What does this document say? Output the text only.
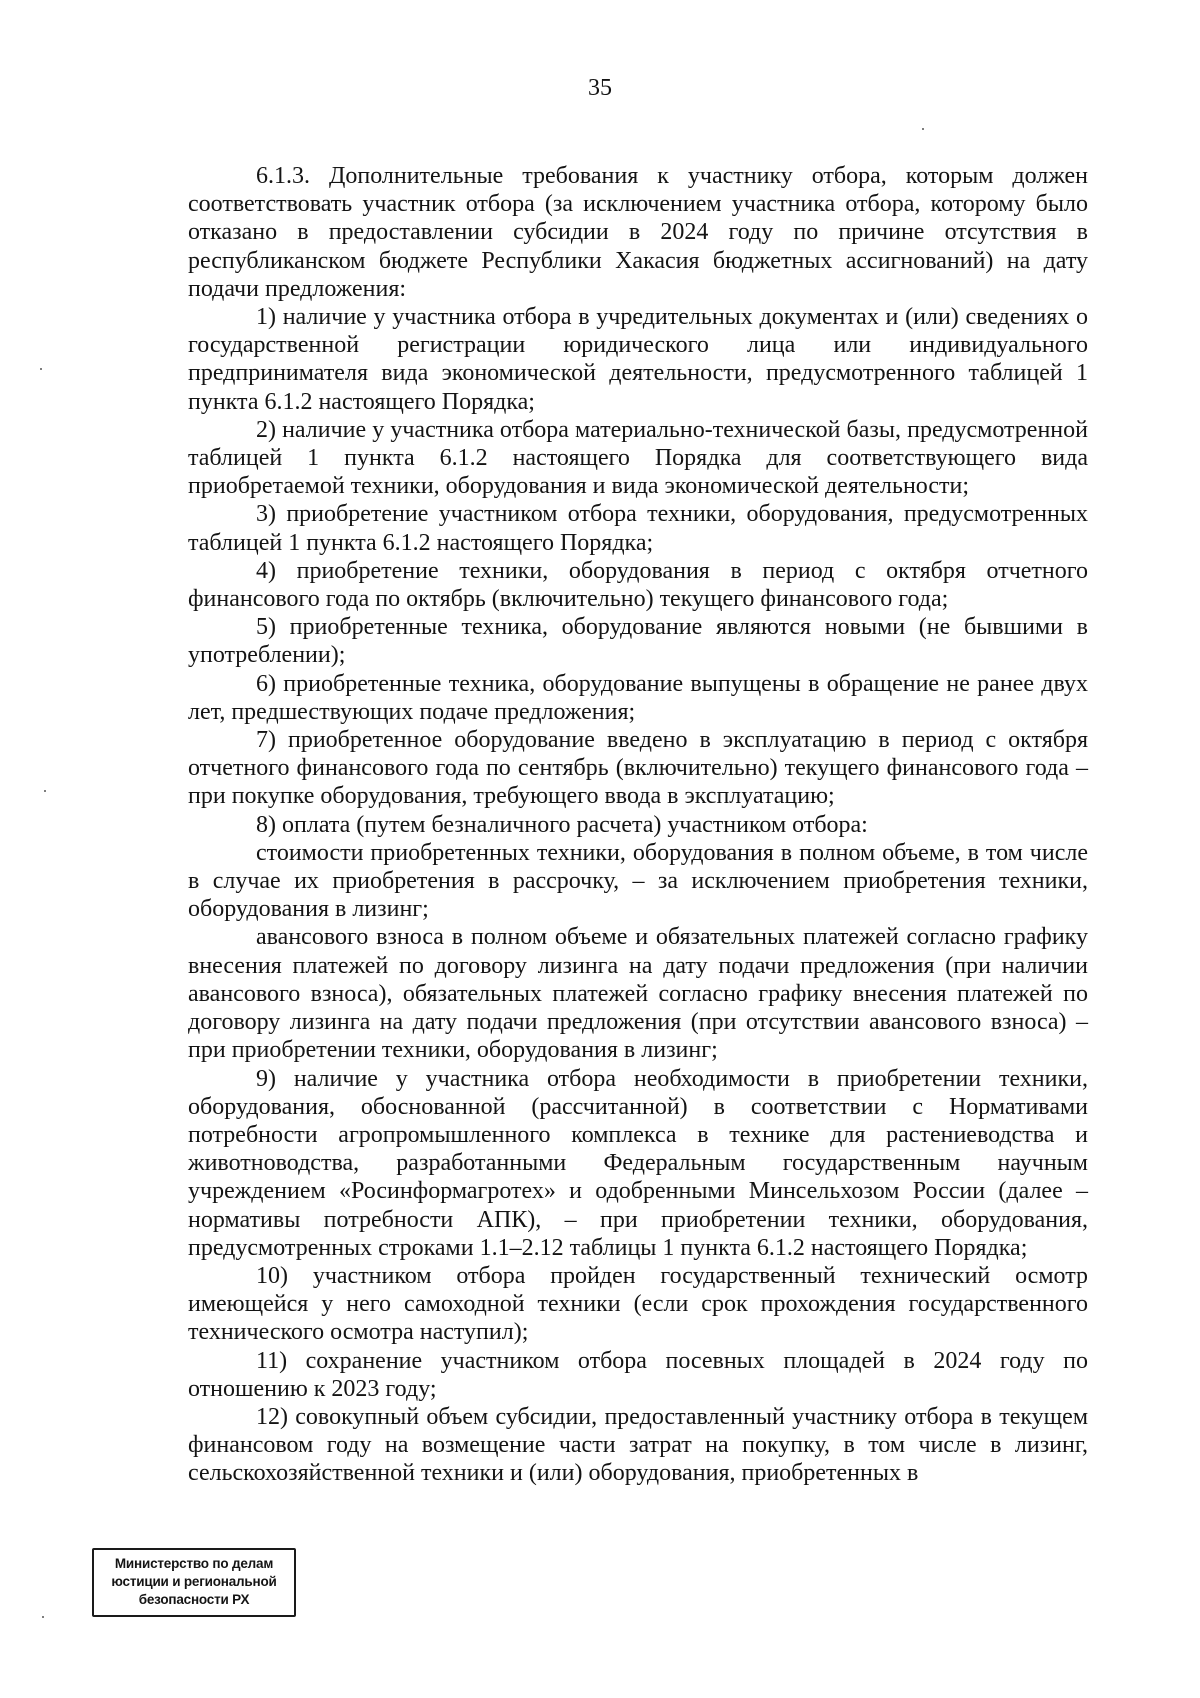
35

6.1.3. Дополнительные требования к участнику отбора, которым должен соответствовать участник отбора (за исключением участника отбора, которому было отказано в предоставлении субсидии в 2024 году по причине отсутствия в республиканском бюджете Республики Хакасия бюджетных ассигнований) на дату подачи предложения:

1) наличие у участника отбора в учредительных документах и (или) сведениях о государственной регистрации юридического лица или индивидуального предпринимателя вида экономической деятельности, предусмотренного таблицей 1 пункта 6.1.2 настоящего Порядка;

2) наличие у участника отбора материально-технической базы, предусмотренной таблицей 1 пункта 6.1.2 настоящего Порядка для соответствующего вида приобретаемой техники, оборудования и вида экономической деятельности;

3) приобретение участником отбора техники, оборудования, предусмотренных таблицей 1 пункта 6.1.2 настоящего Порядка;

4) приобретение техники, оборудования в период с октября отчетного финансового года по октябрь (включительно) текущего финансового года;

5) приобретенные техника, оборудование являются новыми (не бывшими в употреблении);

6) приобретенные техника, оборудование выпущены в обращение не ранее двух лет, предшествующих подаче предложения;

7) приобретенное оборудование введено в эксплуатацию в период с октября отчетного финансового года по сентябрь (включительно) текущего финансового года – при покупке оборудования, требующего ввода в эксплуатацию;

8) оплата (путем безналичного расчета) участником отбора:

стоимости приобретенных техники, оборудования в полном объеме, в том числе в случае их приобретения в рассрочку, – за исключением приобретения техники, оборудования в лизинг;

авансового взноса в полном объеме и обязательных платежей согласно графику внесения платежей по договору лизинга на дату подачи предложения (при наличии авансового взноса), обязательных платежей согласно графику внесения платежей по договору лизинга на дату подачи предложения (при отсутствии авансового взноса) – при приобретении техники, оборудования в лизинг;

9) наличие у участника отбора необходимости в приобретении техники, оборудования, обоснованной (рассчитанной) в соответствии с Нормативами потребности агропромышленного комплекса в технике для растениеводства и животноводства, разработанными Федеральным государственным научным учреждением «Росинформагротех» и одобренными Минсельхозом России (далее – нормативы потребности АПК), – при приобретении техники, оборудования, предусмотренных строками 1.1–2.12 таблицы 1 пункта 6.1.2 настоящего Порядка;

10) участником отбора пройден государственный технический осмотр имеющейся у него самоходной техники (если срок прохождения государственного технического осмотра наступил);

11) сохранение участником отбора посевных площадей в 2024 году по отношению к 2023 году;

12) совокупный объем субсидии, предоставленный участнику отбора в текущем финансовом году на возмещение части затрат на покупку, в том числе в лизинг, сельскохозяйственной техники и (или) оборудования, приобретенных в

Министерство по делам
юстиции и региональной
безопасности РХ
